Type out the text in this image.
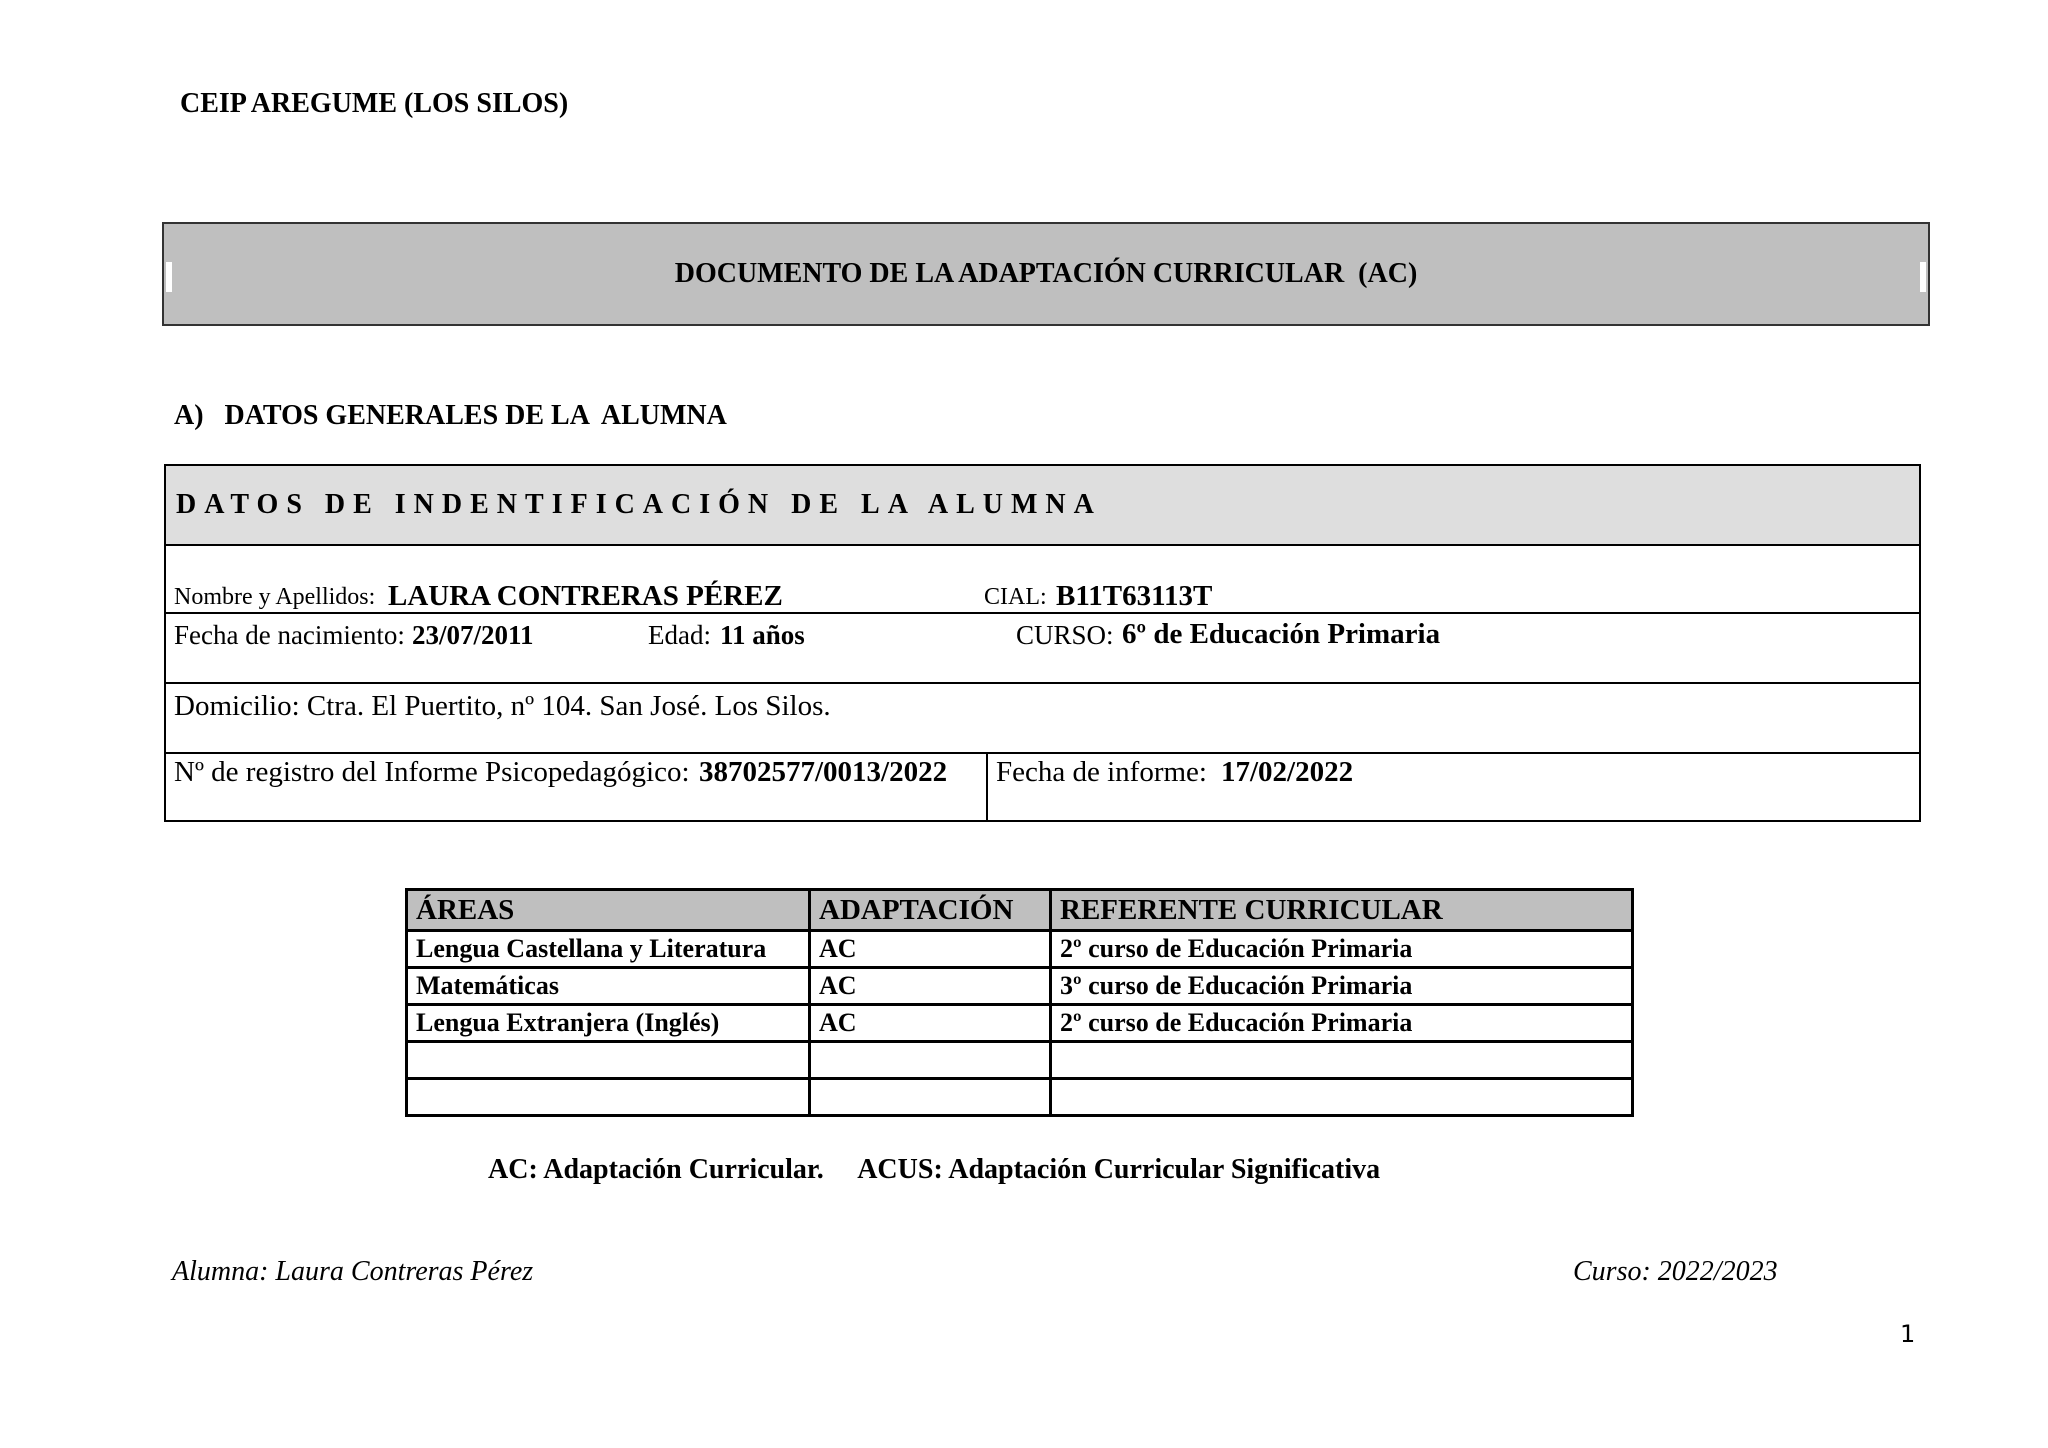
CEIP AREGUME (LOS SILOS)
DOCUMENTO DE LA ADAPTACIÓN CURRICULAR  (AC)
A)   DATOS GENERALES DE LA  ALUMNA
DATOS DE INDENTIFICACIÓN DE LA ALUMNA
Nombre y Apellidos: LAURA CONTRERAS PÉREZ	CIAL: B11T63113T
Fecha de nacimiento: 23/07/2011	Edad: 11 años	CURSO: 6º de Educación Primaria
Domicilio: Ctra. El Puertito, nº 104. San José. Los Silos.
Nº de registro del Informe Psicopedagógico: 38702577/0013/2022 Fecha de informe: 17/02/2022
ÁREAS	ADAPTACIÓN	REFERENTE CURRICULAR
Lengua Castellana y Literatura	AC	2º curso de Educación Primaria
Matemáticas	AC	3º curso de Educación Primaria
Lengua Extranjera (Inglés)	AC	2º curso de Educación Primaria

AC: Adaptación Curricular.     ACUS: Adaptación Curricular Significativa
Alumna: Laura Contreras Pérez	Curso: 2022/2023
1
